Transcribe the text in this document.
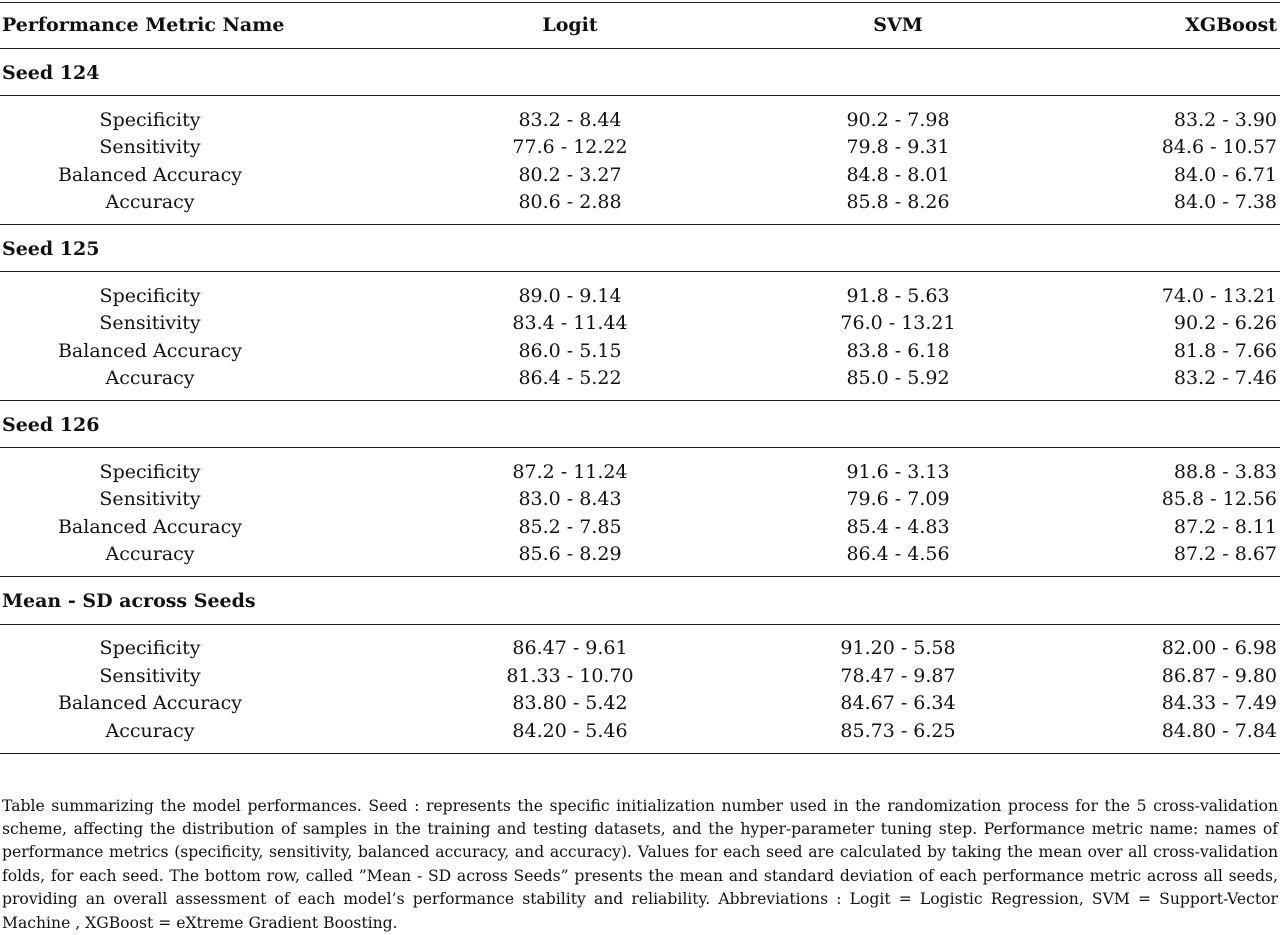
Performance Metric Name	Logit	SVM	XGBoost
Seed 124
Specificity	83.2 - 8.44	90.2 - 7.98	83.2 - 3.90
Sensitivity	77.6 - 12.22	79.8 - 9.31	84.6 - 10.57
Balanced Accuracy	80.2 - 3.27	84.8 - 8.01	84.0 - 6.71
Accuracy	80.6 - 2.88	85.8 - 8.26	84.0 - 7.38
Seed 125
Specificity	89.0 - 9.14	91.8 - 5.63	74.0 - 13.21
Sensitivity	83.4 - 11.44	76.0 - 13.21	90.2 - 6.26
Balanced Accuracy	86.0 - 5.15	83.8 - 6.18	81.8 - 7.66
Accuracy	86.4 - 5.22	85.0 - 5.92	83.2 - 7.46
Seed 126
Specificity	87.2 - 11.24	91.6 - 3.13	88.8 - 3.83
Sensitivity	83.0 - 8.43	79.6 - 7.09	85.8 - 12.56
Balanced Accuracy	85.2 - 7.85	85.4 - 4.83	87.2 - 8.11
Accuracy	85.6 - 8.29	86.4 - 4.56	87.2 - 8.67
Mean - SD across Seeds
Specificity	86.47 - 9.61	91.20 - 5.58	82.00 - 6.98
Sensitivity	81.33 - 10.70	78.47 - 9.87	86.87 - 9.80
Balanced Accuracy	83.80 - 5.42	84.67 - 6.34	84.33 - 7.49
Accuracy	84.20 - 5.46	85.73 - 6.25	84.80 - 7.84

Table summarizing the model performances. Seed : represents the specific initialization number used in the randomization process for the 5 cross-validation scheme, affecting the distribution of samples in the training and testing datasets, and the hyper-parameter tuning step. Performance metric name: names of performance metrics (specificity, sensitivity, balanced accuracy, and accuracy). Values for each seed are calculated by taking the mean over all cross-validation folds, for each seed. The bottom row, called ”Mean - SD across Seeds” presents the mean and standard deviation of each performance metric across all seeds, providing an overall assessment of each model’s performance stability and reliability. Abbreviations : Logit = Logistic Regression, SVM = Support-Vector Machine , XGBoost = eXtreme Gradient Boosting.
